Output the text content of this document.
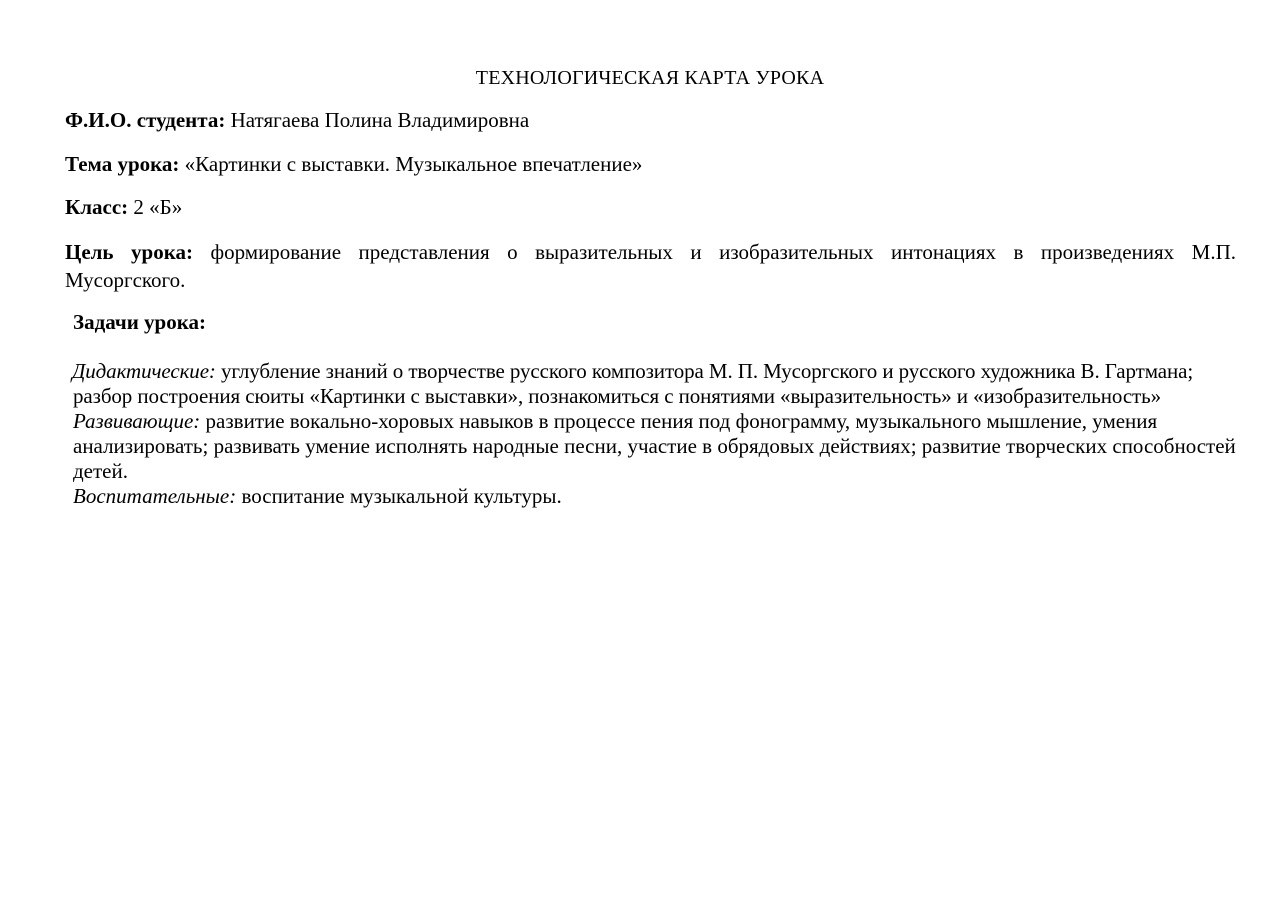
ТЕХНОЛОГИЧЕСКАЯ КАРТА УРОКА
Ф.И.О. студента: Натягаева Полина Владимировна
Тема урока: «Картинки с выставки. Музыкальное впечатление»
Класс: 2 «Б»
Цель урока: формирование представления о выразительных и изобразительных интонациях в произведениях М.П. Мусоргского.
Задачи урока:

Дидактические: углубление знаний о творчестве русского композитора М. П. Мусоргского и русского художника В. Гартмана;

разбор построения сюиты «Картинки с выставки», познакомиться с понятиями «выразительность» и «изобразительность»

Развивающие: развитие вокально-хоровых навыков в процессе пения под фонограмму, музыкального мышление, умения анализировать; развивать умение исполнять народные песни, участие в обрядовых действиях; развитие творческих способностей детей.

Воспитательные: воспитание музыкальной культуры.
